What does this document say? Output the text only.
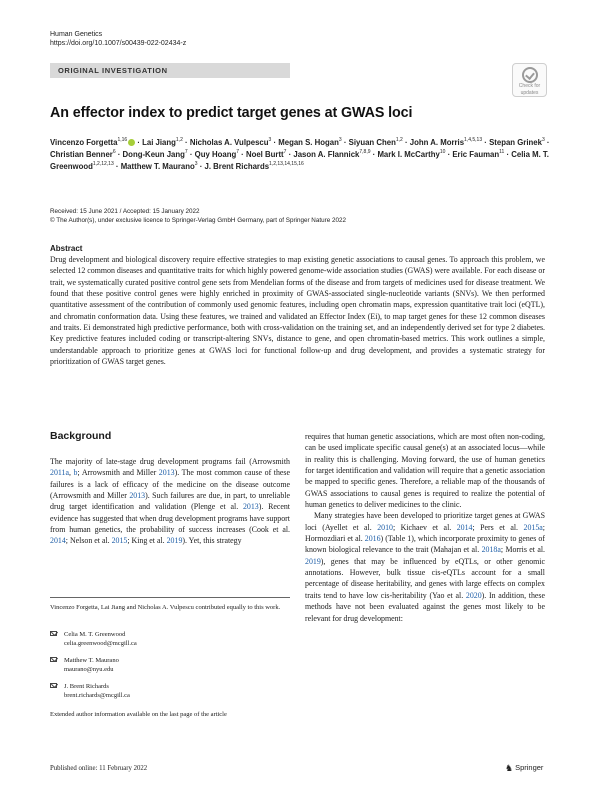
Human Genetics
https://doi.org/10.1007/s00439-022-02434-z
ORIGINAL INVESTIGATION
Check for
updates
An effector index to predict target genes at GWAS loci
Vincenzo Forgetta$^{1,16}$ · Lai Jiang$^{1,2}$ · Nicholas A. Vulpescu$^3$ · Megan S. Hogan$^3$ · Siyuan Chen$^{1,2}$ · John A. Morris$^{1,4,5,13}$ · Stepan Grinek$^3$ · Christian Benner$^6$ · Dong-Keun Jang$^7$ · Quy Hoang$^7$ · Noel Burtt$^7$ · Jason A. Flannick$^{7,8,9}$ · Mark I. McCarthy$^{10}$ · Eric Fauman$^{11}$ · Celia M. T. Greenwood$^{1,2,12,13}$ · Matthew T. Maurano$^3$ · J. Brent Richards$^{1,2,13,14,15,16}$
Received: 15 June 2021 / Accepted: 15 January 2022
© The Author(s), under exclusive licence to Springer-Verlag GmbH Germany, part of Springer Nature 2022
Abstract
Drug development and biological discovery require effective strategies to map existing genetic associations to causal genes. To approach this problem, we selected 12 common diseases and quantitative traits for which highly powered genome-wide association studies (GWAS) were available. For each disease or trait, we systematically curated positive control gene sets from Mendelian forms of the disease and from targets of medicines used for disease treatment. We found that these positive control genes were highly enriched in proximity of GWAS-associated single-nucleotide variants (SNVs). We then performed quantitative assessment of the contribution of commonly used genomic features, including open chromatin maps, expression quantitative trait loci (eQTL), and chromatin conformation data. Using these features, we trained and validated an Effector Index (Ei), to map target genes for these 12 common diseases and traits. Ei demonstrated high predictive performance, both with cross-validation on the training set, and an independently derived set for type 2 diabetes. Key predictive features included coding or transcript-altering SNVs, distance to gene, and open chromatin-based metrics. This work outlines a simple, understandable approach to prioritize genes at GWAS loci for functional follow-up and drug development, and provides a systematic strategy for prioritization of GWAS target genes.
Background

The majority of late-stage drug development programs fail (Arrowsmith 2011a, b; Arrowsmith and Miller 2013). The most common cause of these failures is a lack of efficacy of the medicine on the disease outcome (Arrowsmith and Miller 2013). Such failures are due, in part, to unreliable drug target identification and validation (Plenge et al. 2013). Recent evidence has suggested that when drug development programs have support from human genetics, the probability of success increases (Cook et al. 2014; Nelson et al. 2015; King et al. 2019). Yet, this strategy

requires that human genetic associations, which are most often non-coding, can be used implicate specific causal gene(s) at an associated locus—while in reality this is challenging. Moving forward, the use of human genetics for target identification and validation will require that a genetic association be mapped to specific genes. Therefore, a reliable map of the thousands of GWAS associations to causal genes is required to realize the potential of human genetics to deliver medicines to the clinic.

Many strategies have been developed to prioritize target genes at GWAS loci (Ayellet et al. 2010; Kichaev et al. 2014; Pers et al. 2015a; Hormozdiari et al. 2016) (Table 1), which incorporate proximity to genes of known biological relevance to the trait (Mahajan et al. 2018a; Morris et al. 2019), genes that may be influenced by eQTLs, or other genomic annotations. However, bulk tissue cis-eQTLs account for a small percentage of disease heritability, and genes with large effects on complex traits tend to have low cis-heritability (Yao et al. 2020). In addition, these methods have not been evaluated against the genes most likely to be relevant for drug development:

Vincenzo Forgetta, Lai Jiang and Nicholas A. Vulpescu contributed equally to this work.
Celia M. T. Greenwood
celia.greenwood@mcgill.ca
Matthew T. Maurano
maurano@nyu.edu
J. Brent Richards
brent.richards@mcgill.ca
Extended author information available on the last page of the article
Published online: 11 February 2022	♞ Springer
